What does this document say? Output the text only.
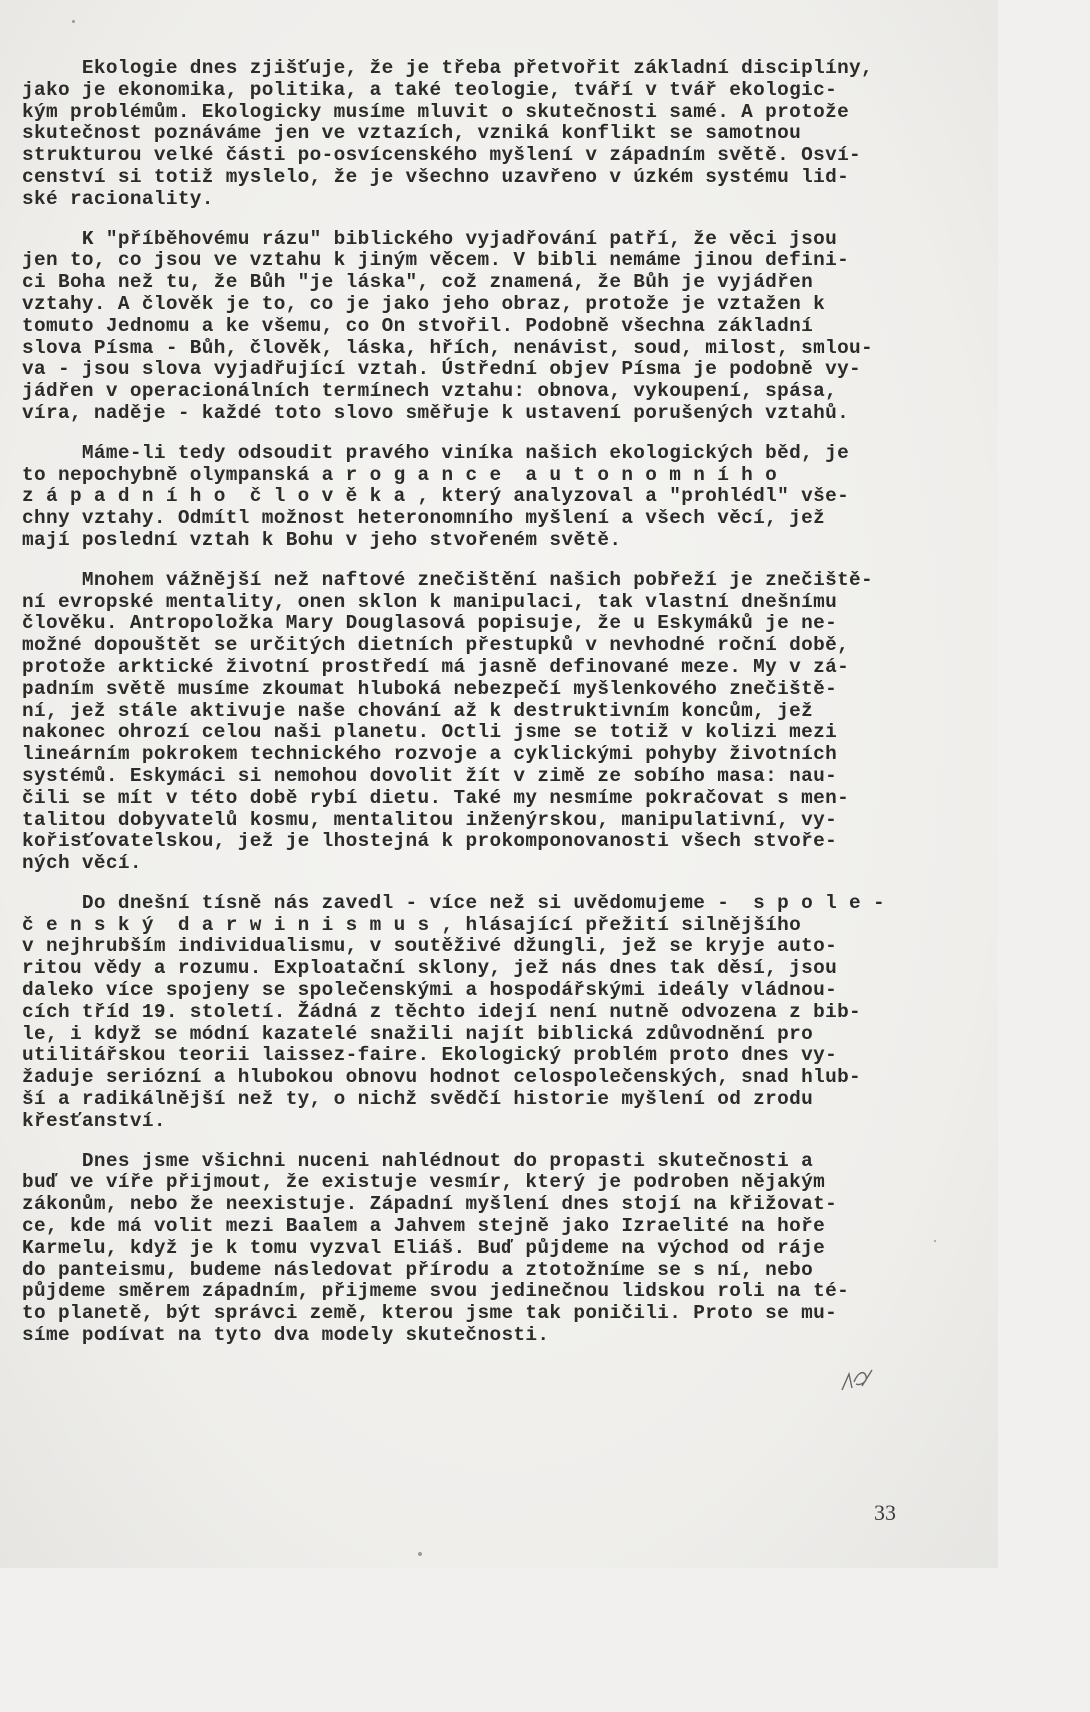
Ekologie dnes zjišťuje, že je třeba přetvořit základní disciplíny,
jako je ekonomika, politika, a také teologie, tváří v tvář ekologic-
kým problémům. Ekologicky musíme mluvit o skutečnosti samé. A protože
skutečnost poznáváme jen ve vztazích, vzniká konflikt se samotnou
strukturou velké části po-osvícenského myšlení v západním světě. Osví-
cenství si totiž myslelo, že je všechno uzavřeno v úzkém systému lid-
ské racionality.
K "příběhovému rázu" biblického vyjadřování patří, že věci jsou
jen to, co jsou ve vztahu k jiným věcem. V bibli nemáme jinou defini-
ci Boha než tu, že Bůh "je láska", což znamená, že Bůh je vyjádřen
vztahy. A člověk je to, co je jako jeho obraz, protože je vztažen k
tomuto Jednomu a ke všemu, co On stvořil. Podobně všechna základní
slova Písma - Bůh, člověk, láska, hřích, nenávist, soud, milost, smlou-
va - jsou slova vyjadřující vztah. Ústřední objev Písma je podobně vy-
jádřen v operacionálních termínech vztahu: obnova, vykoupení, spása,
víra, naděje - každé toto slovo směřuje k ustavení porušených vztahů.
Máme-li tedy odsoudit pravého viníka našich ekologických běd, je
to nepochybně olympanská a r o g a n c e  a u t o n o m n í h o
z á p a d n í h o  č l o v ě k a , který analyzoval a "prohlédl" vše-
chny vztahy. Odmítl možnost heteronomního myšlení a všech věcí, jež
mají poslední vztah k Bohu v jeho stvořeném světě.
Mnohem vážnější než naftové znečištění našich pobřeží je znečiště-
ní evropské mentality, onen sklon k manipulaci, tak vlastní dnešnímu
člověku. Antropoložka Mary Douglasová popisuje, že u Eskymáků je ne-
možné dopouštět se určitých dietních přestupků v nevhodné roční době,
protože arktické životní prostředí má jasně definované meze. My v zá-
padním světě musíme zkoumat hluboká nebezpečí myšlenkového znečiště-
ní, jež stále aktivuje naše chování až k destruktivním koncům, jež
nakonec ohrozí celou naši planetu. Octli jsme se totiž v kolizi mezi
lineárním pokrokem technického rozvoje a cyklickými pohyby životních
systémů. Eskymáci si nemohou dovolit žít v zimě ze sobího masa: nau-
čili se mít v této době rybí dietu. Také my nesmíme pokračovat s men-
talitou dobyvatelů kosmu, mentalitou inženýrskou, manipulativní, vy-
kořisťovatelskou, jež je lhostejná k prokomponovanosti všech stvoře-
ných věcí.
Do dnešní tísně nás zavedl - více než si uvědomujeme -  s p o l e -
č e n s k ý  d a r w i n i s m u s , hlásající přežití silnějšího
v nejhrubším individualismu, v soutěživé džungli, jež se kryje auto-
ritou vědy a rozumu. Exploatační sklony, jež nás dnes tak děsí, jsou
daleko více spojeny se společenskými a hospodářskými ideály vládnou-
cích tříd 19. století. Žádná z těchto idejí není nutně odvozena z bib-
le, i když se módní kazatelé snažili najít biblická zdůvodnění pro
utilitářskou teorii laissez-faire. Ekologický problém proto dnes vy-
žaduje seriózní a hlubokou obnovu hodnot celospolečenských, snad hlub-
ší a radikálnější než ty, o nichž svědčí historie myšlení od zrodu
křesťanství.
Dnes jsme všichni nuceni nahlédnout do propasti skutečnosti a
buď ve víře přijmout, že existuje vesmír, který je podroben nějakým
zákonům, nebo že neexistuje. Západní myšlení dnes stojí na křižovat-
ce, kde má volit mezi Baalem a Jahvem stejně jako Izraelité na hoře
Karmelu, když je k tomu vyzval Eliáš. Buď půjdeme na východ od ráje
do panteismu, budeme následovat přírodu a ztotožníme se s ní, nebo
půjdeme směrem západním, přijmeme svou jedinečnou lidskou roli na té-
to planetě, být správci země, kterou jsme tak poničili. Proto se mu-
síme podívat na tyto dva modely skutečnosti.
33
